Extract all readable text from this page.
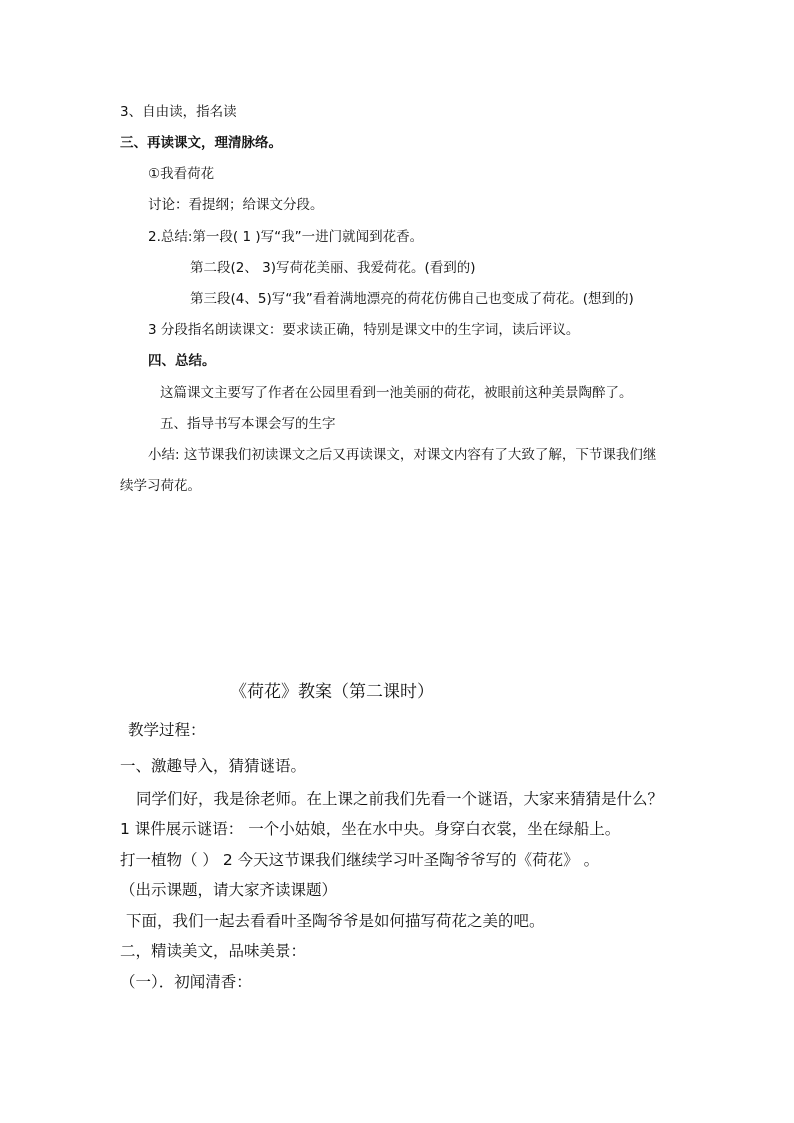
3、自由读，指名读
三、再读课文，理清脉络。
①我看荷花
讨论：看提纲；给课文分段。
2.总结:第一段( 1 )写“我”一进门就闻到花香。
第二段(2、 3)写荷花美丽、我爱荷花。(看到的)
第三段(4、5)写“我”看着满地漂亮的荷花仿佛自己也变成了荷花。(想到的)
3 分段指名朗读课文：要求读正确，特别是课文中的生字词，读后评议。
四、总结。
这篇课文主要写了作者在公园里看到一池美丽的荷花，被眼前这种美景陶醉了。
五、指导书写本课会写的生字
小结: 这节课我们初读课文之后又再读课文，对课文内容有了大致了解，下节课我们继
续学习荷花。
《荷花》教案（第二课时）
教学过程：
一、激趣导入，猜猜谜语。
同学们好，我是徐老师。在上课之前我们先看一个谜语，大家来猜猜是什么？
1 课件展示谜语： 一个小姑娘，坐在水中央。身穿白衣裳，坐在绿船上。
打一植物（ ） 2 今天这节课我们继续学习叶圣陶爷爷写的《荷花》 。
（出示课题，请大家齐读课题）
下面，我们一起去看看叶圣陶爷爷是如何描写荷花之美的吧。
二，精读美文，品味美景：
（一）．初闻清香：
